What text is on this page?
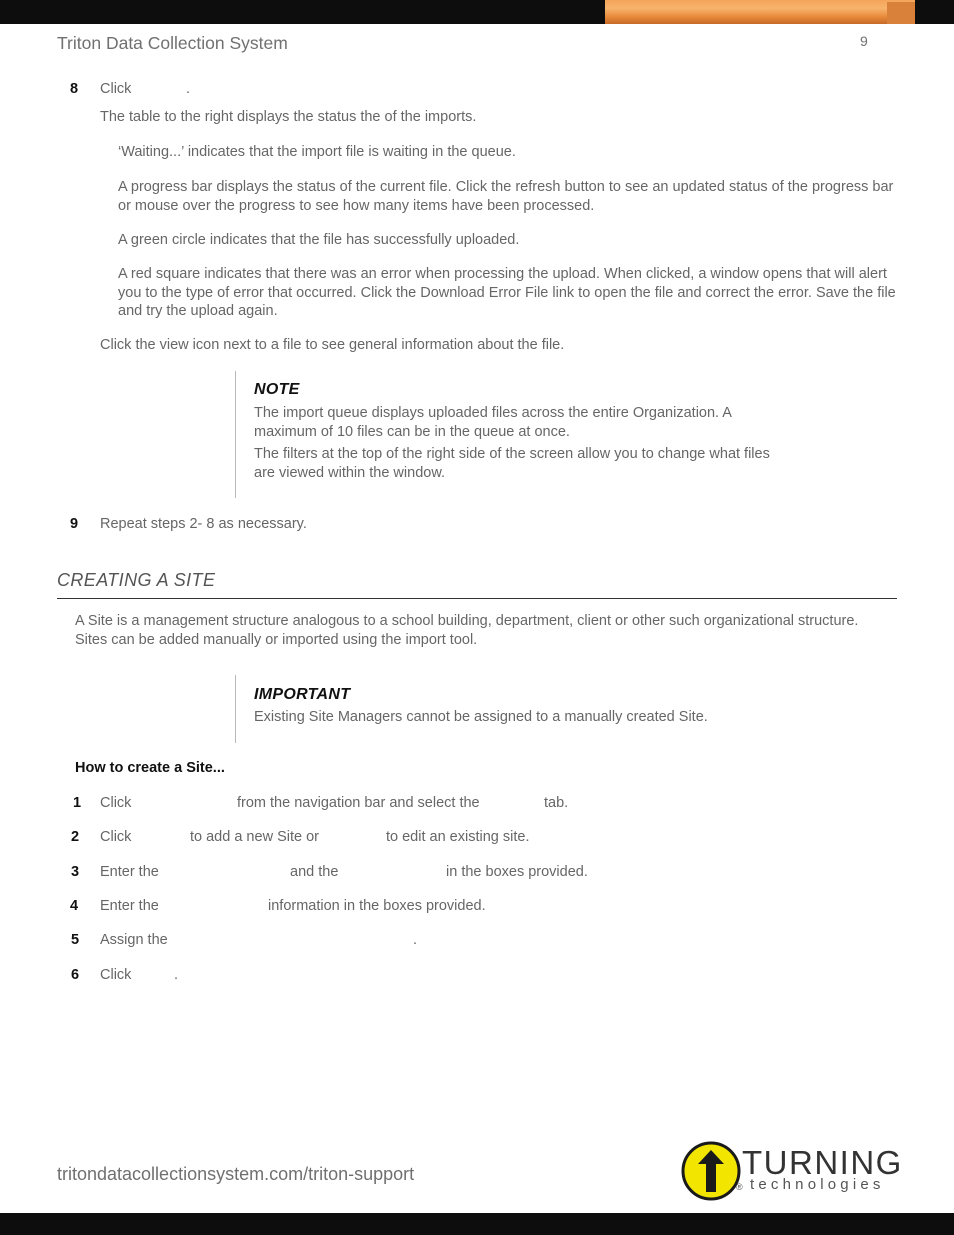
Triton Data Collection System	9
8 Click	.
The table to the right displays the status the of the imports.
‘Waiting...’ indicates that the import file is waiting in the queue.
A progress bar displays the status of the current file. Click the refresh button to see an updated status of the progress bar or mouse over the progress to see how many items have been processed.
A green circle indicates that the file has successfully uploaded.
A red square indicates that there was an error when processing the upload. When clicked, a window opens that will alert you to the type of error that occurred. Click the Download Error File link to open the file and correct the error. Save the file and try the upload again.
Click the view icon next to a file to see general information about the file.
NOTE
The import queue displays uploaded files across the entire Organization. A maximum of 10 files can be in the queue at once.
The filters at the top of the right side of the screen allow you to change what files are viewed within the window.
9 Repeat steps 2- 8 as necessary.
CREATING A SITE
A Site is a management structure analogous to a school building, department, client or other such organizational structure. Sites can be added manually or imported using the import tool.
IMPORTANT
Existing Site Managers cannot be assigned to a manually created Site.
How to create a Site...
1 Click	from the navigation bar and select the	tab.
2 Click	to add a new Site or	to edit an existing site.
3 Enter the	and the	in the boxes provided.
4 Enter the	information in the boxes provided.
5 Assign the	.
6 Click	.
tritondatacollectionsystem.com/triton-support	TURNING
technologies
®
